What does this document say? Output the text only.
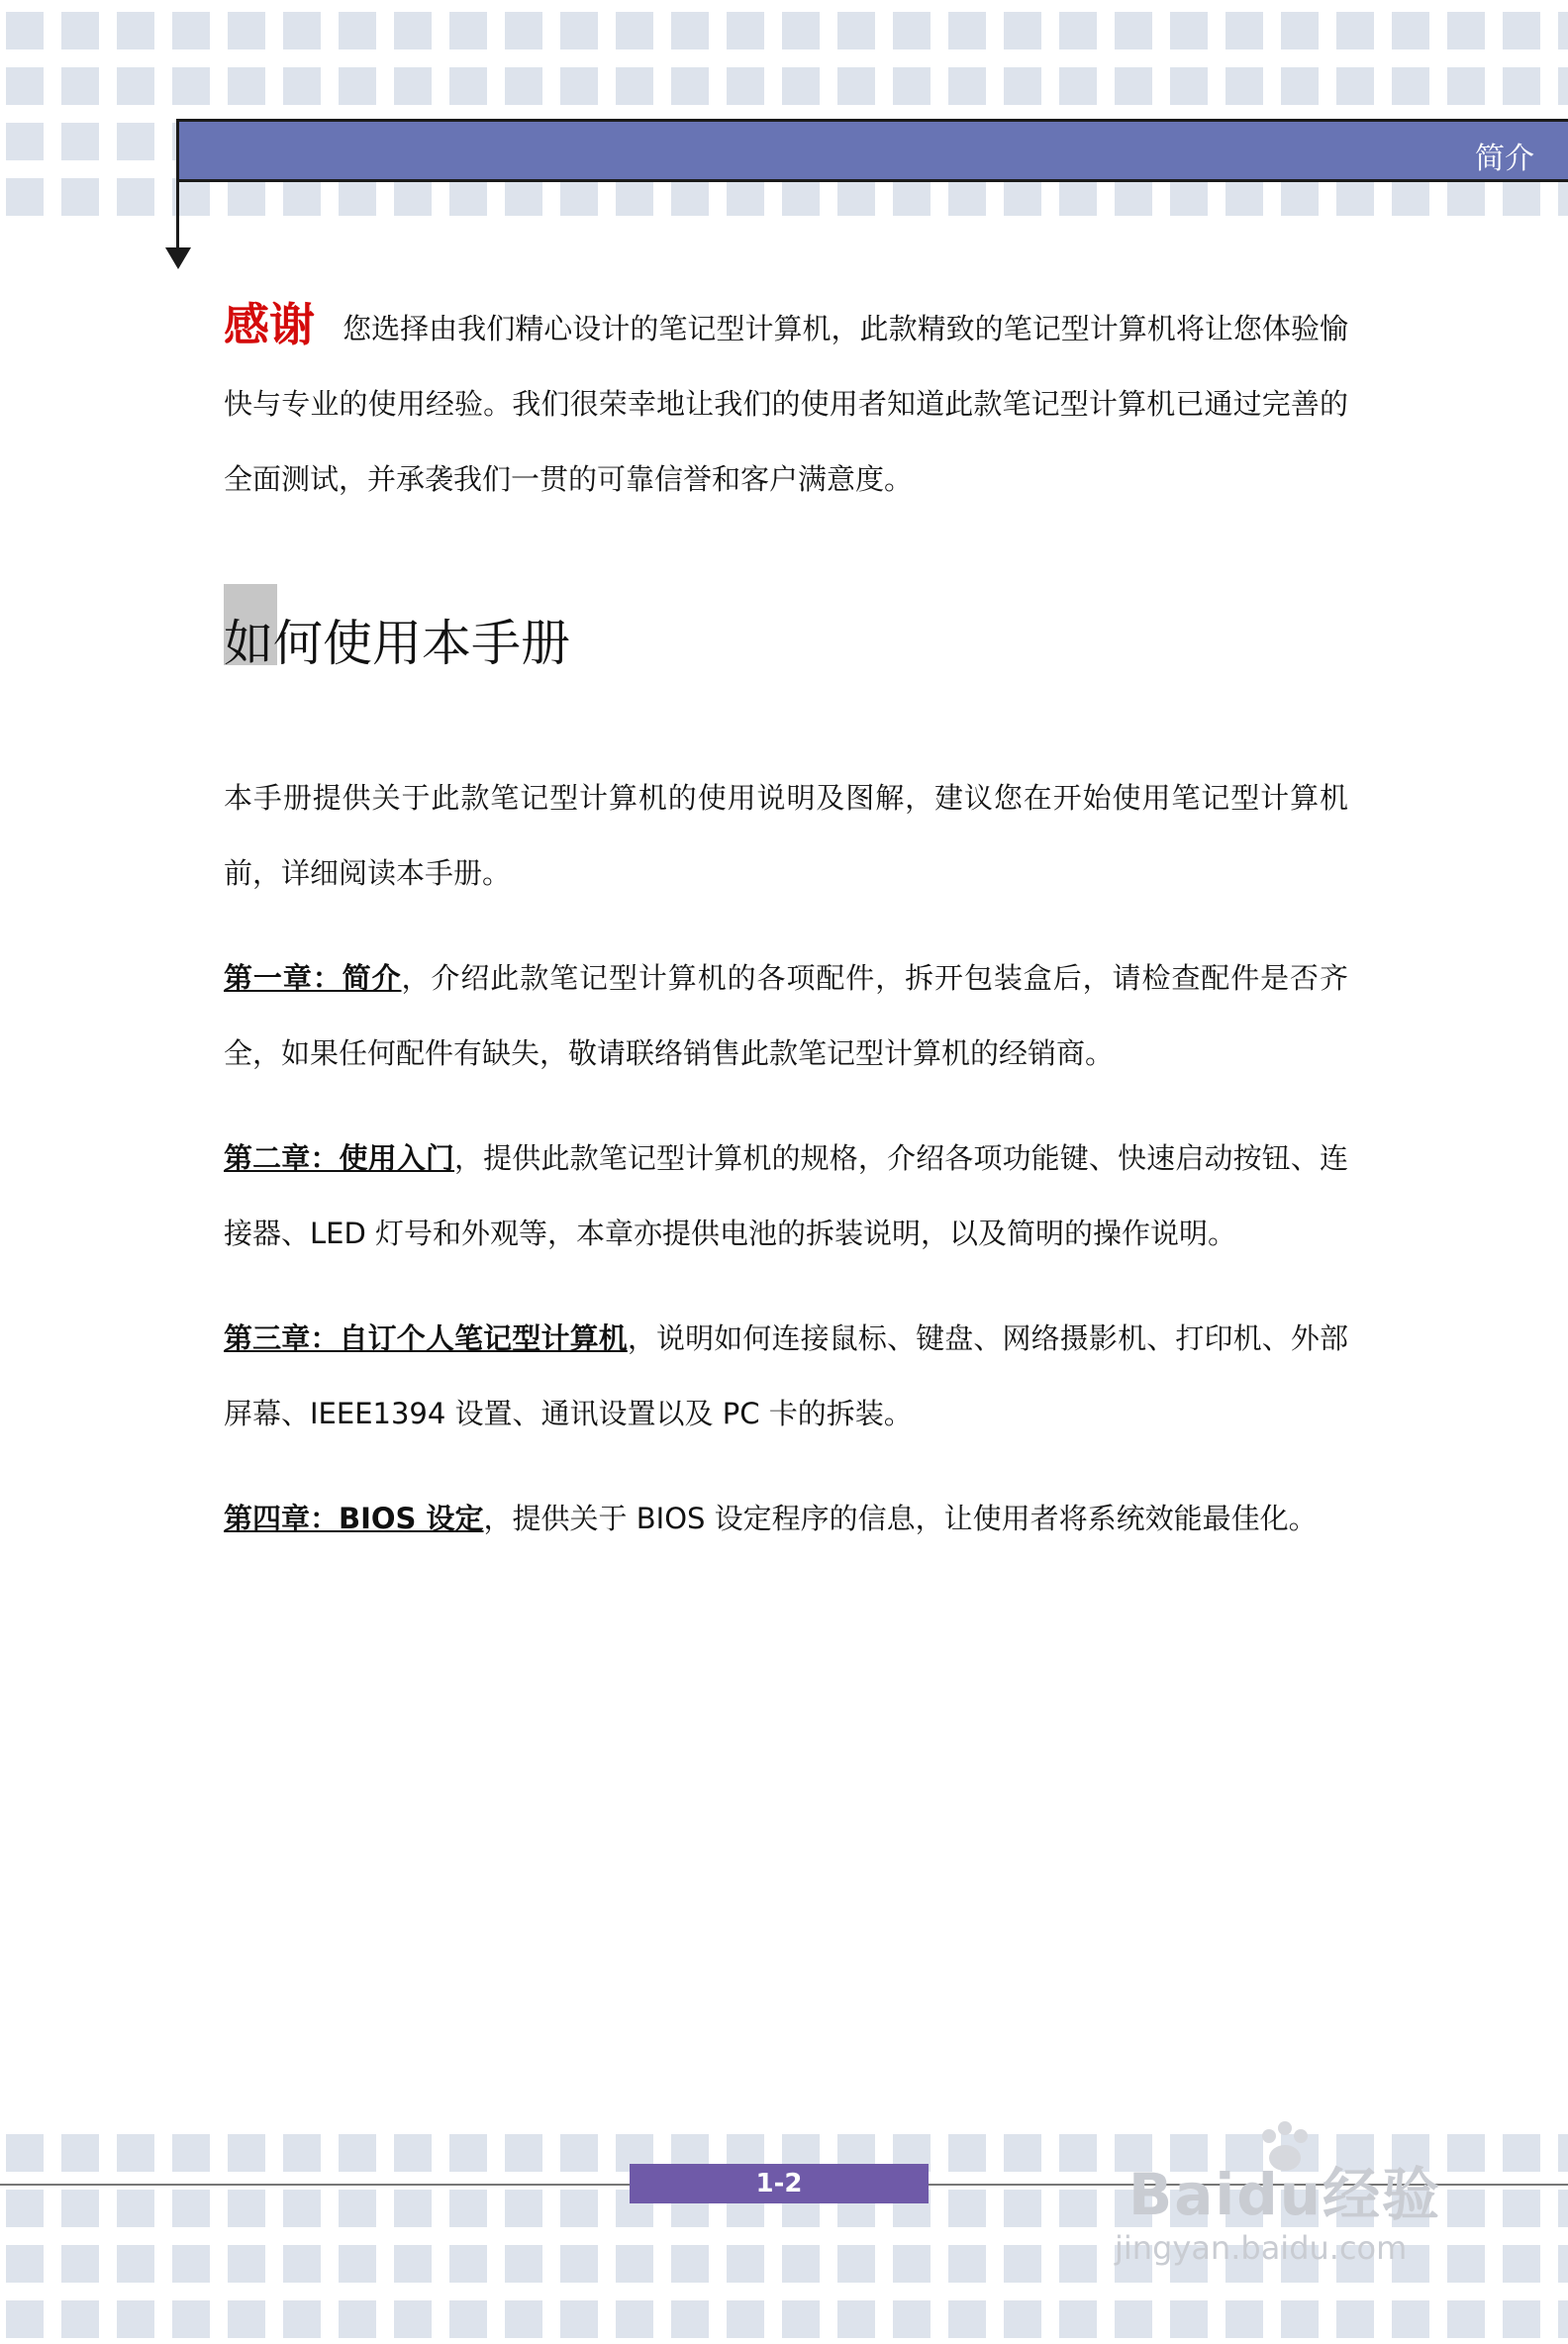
简介

感谢 您选择由我们精心设计的笔记型计算机，此款精致的笔记型计算机将让您体验愉快与专业的使用经验。我们很荣幸地让我们的使用者知道此款笔记型计算机已通过完善的全面测试，并承袭我们一贯的可靠信誉和客户满意度。

如何使用本手册

本手册提供关于此款笔记型计算机的使用说明及图解，建议您在开始使用笔记型计算机前，详细阅读本手册。

第一章：简介，介绍此款笔记型计算机的各项配件，拆开包装盒后，请检查配件是否齐全，如果任何配件有缺失，敬请联络销售此款笔记型计算机的经销商。

第二章：使用入门，提供此款笔记型计算机的规格，介绍各项功能键、快速启动按钮、连接器、LED 灯号和外观等，本章亦提供电池的拆装说明，以及简明的操作说明。

第三章：自订个人笔记型计算机，说明如何连接鼠标、键盘、网络摄影机、打印机、外部屏幕、IEEE1394 设置、通讯设置以及 PC 卡的拆装。

第四章：BIOS 设定，提供关于 BIOS 设定程序的信息，让使用者将系统效能最佳化。

1-2	Baidu经验
jingyan.baidu.com
